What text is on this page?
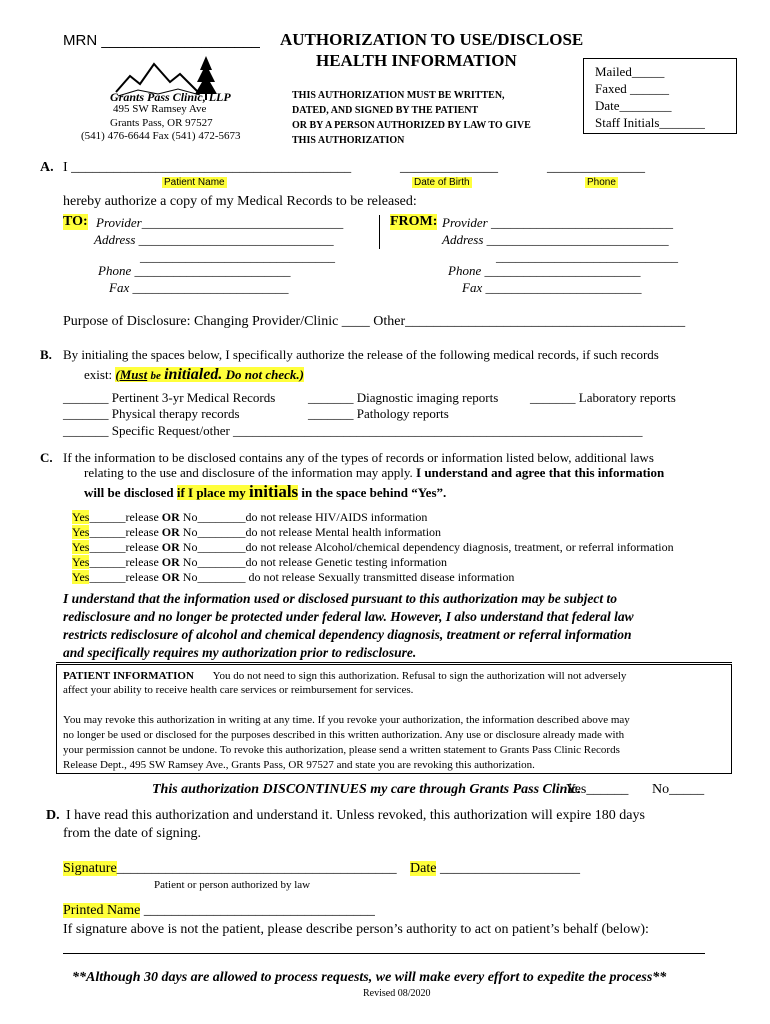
MRN ___________________ AUTHORIZATION TO USE/DISCLOSE
HEALTH INFORMATION
THIS AUTHORIZATION MUST BE WRITTEN,
DATED, AND SIGNED BY THE PATIENT
OR BY A PERSON AUTHORIZED BY LAW TO GIVE
THIS AUTHORIZATION
Grants Pass Clinic, LLP
495 SW Ramsey Ave
Grants Pass, OR 97527
(541) 476-6644 Fax (541) 472-5673
Mailed_____
Faxed ______
Date________
Staff Initials_______
A. I ________________________________________	______________	______________
Patient Name	Date of Birth	Phone
hereby authorize a copy of my Medical Records to be released:
TO: Provider_______________________________
Address ______________________________
______________________________
Phone ________________________
Fax ________________________
FROM: Provider ____________________________
Address ____________________________
____________________________
Phone ________________________
Fax ________________________
Purpose of Disclosure: Changing Provider/Clinic ____ Other________________________________________
B. By initialing the spaces below, I specifically authorize the release of the following medical records, if such records
exist: (Must be initialed. Do not check.)
_______ Pertinent 3-yr Medical Records	_______ Diagnostic imaging reports _______ Laboratory reports
_______ Physical therapy records	_______ Pathology reports
_______ Specific Request/other _______________________________________________________________
C. If the information to be disclosed contains any of the types of records or information listed below, additional laws
relating to the use and disclosure of the information may apply. I understand and agree that this information
will be disclosed if I place my initials in the space behind “Yes”.
Yes______release OR No________do not release HIV/AIDS information
Yes______release OR No________do not release Mental health information
Yes______release OR No________do not release Alcohol/chemical dependency diagnosis, treatment, or referral information
Yes______release OR No________do not release Genetic testing information
Yes______release OR No________ do not release Sexually transmitted disease information
I understand that the information used or disclosed pursuant to this authorization may be subject to
redisclosure and no longer be protected under federal law. However, I also understand that federal law
restricts redisclosure of alcohol and chemical dependency diagnosis, treatment or referral information
and specifically requires my authorization prior to redisclosure.
PATIENT INFORMATION You do not need to sign this authorization. Refusal to sign the authorization will not adversely
affect your ability to receive health care services or reimbursement for services.
You may revoke this authorization in writing at any time. If you revoke your authorization, the information described above may
no longer be used or disclosed for the purposes described in this written authorization. Any use or disclosure already made with
your permission cannot be undone. To revoke this authorization, please send a written statement to Grants Pass Clinic Records
Release Dept., 495 SW Ramsey Ave., Grants Pass, OR 97527 and state you are revoking this authorization.
This authorization DISCONTINUES my care through Grants Pass Clinic.
Yes______ No_____
D. I have read this authorization and understand it. Unless revoked, this authorization will expire 180 days
from the date of signing.
Signature________________________________________ Date ____________________
Patient or person authorized by law
Printed Name _________________________________
If signature above is not the patient, please describe person’s authority to act on patient’s behalf (below):
**Although 30 days are allowed to process requests, we will make every effort to expedite the process**
Revised 08/2020
